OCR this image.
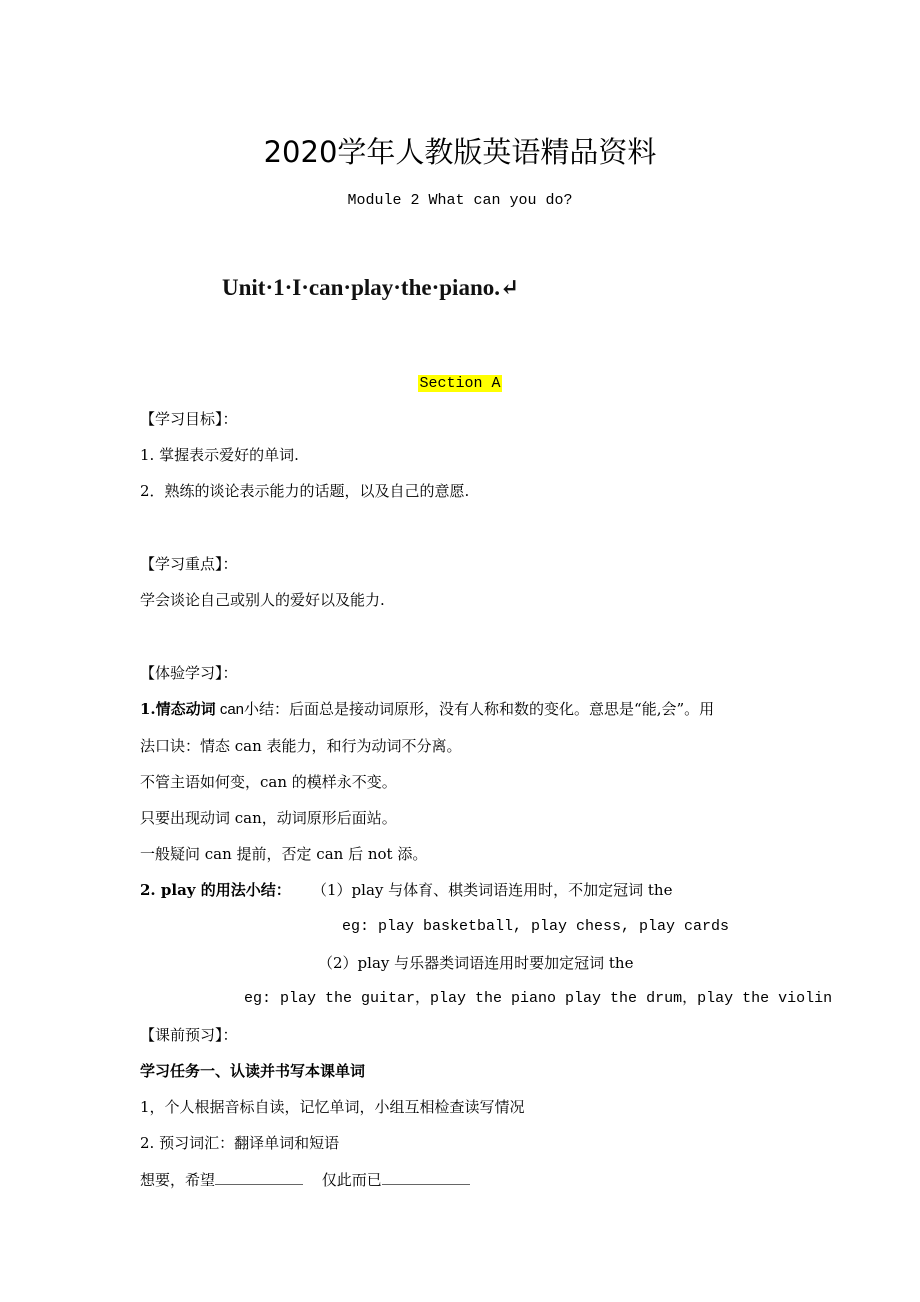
2020学年人教版英语精品资料
Module 2 What can you do?
Unit·1·I·can·play·the·piano.↵
Section A
【学习目标】：
1. 掌握表示爱好的单词.
2．熟练的谈论表示能力的话题，以及自己的意愿.
【学习重点】：
学会谈论自己或别人的爱好以及能力.
【体验学习】：
1.情态动词 can小结：后面总是接动词原形，没有人称和数的变化。意思是“能,会”。用
法口诀：情态 can 表能力，和行为动词不分离。
不管主语如何变，can 的模样永不变。
只要出现动词 can，动词原形后面站。
一般疑问 can 提前，否定 can 后 not 添。
2. play 的用法小结： （1）play 与体育、棋类词语连用时，不加定冠词 the
eg: play basketball, play chess, play cards
（2）play 与乐器类词语连用时要加定冠词 the
eg: play the guitar，play the piano play the drum，play the violin
【课前预习】：
学习任务一、认读并书写本课单词
1，个人根据音标自读，记忆单词，小组互相检查读写情况
2. 预习词汇：翻译单词和短语
想要，希望	仅此而已
